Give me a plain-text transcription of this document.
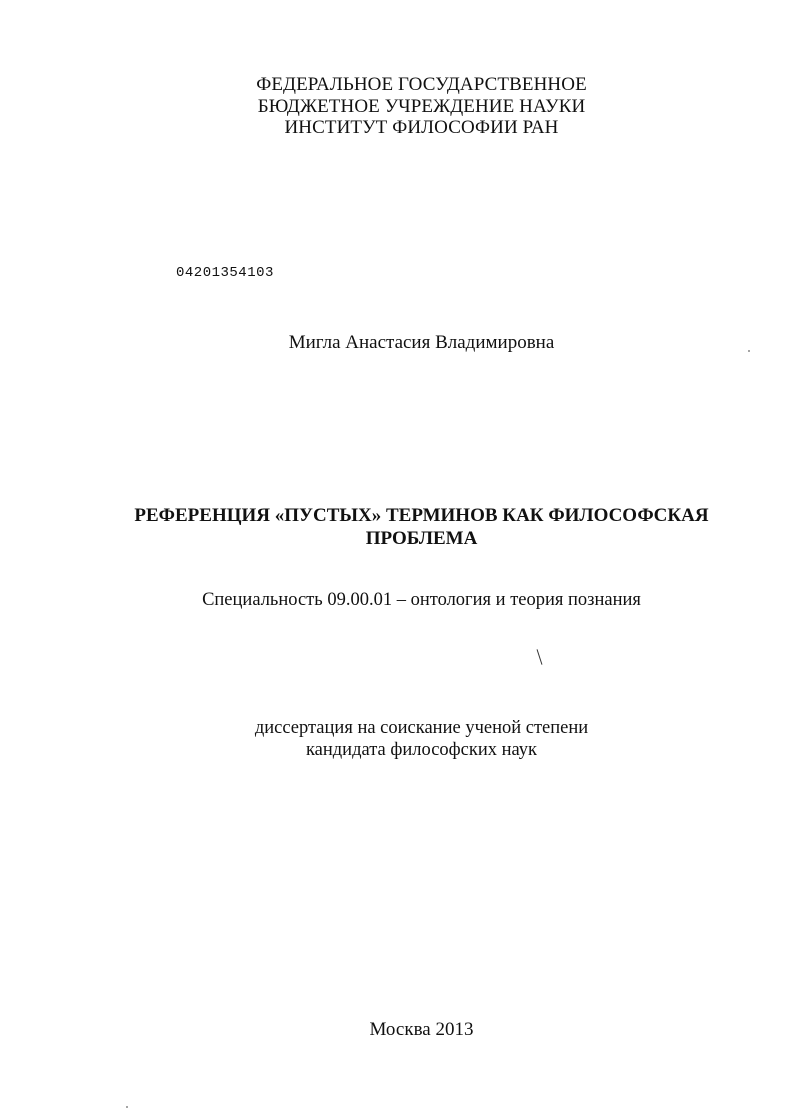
ФЕДЕРАЛЬНОЕ ГОСУДАРСТВЕННОЕ
БЮДЖЕТНОЕ УЧРЕЖДЕНИЕ НАУКИ
ИНСТИТУТ ФИЛОСОФИИ РАН
04201354103
Мигла Анастасия Владимировна
РЕФЕРЕНЦИЯ «ПУСТЫХ» ТЕРМИНОВ КАК ФИЛОСОФСКАЯ
ПРОБЛЕМА
Специальность 09.00.01 – онтология и теория познания
диссертация на соискание ученой степени
кандидата философских наук
Москва 2013
